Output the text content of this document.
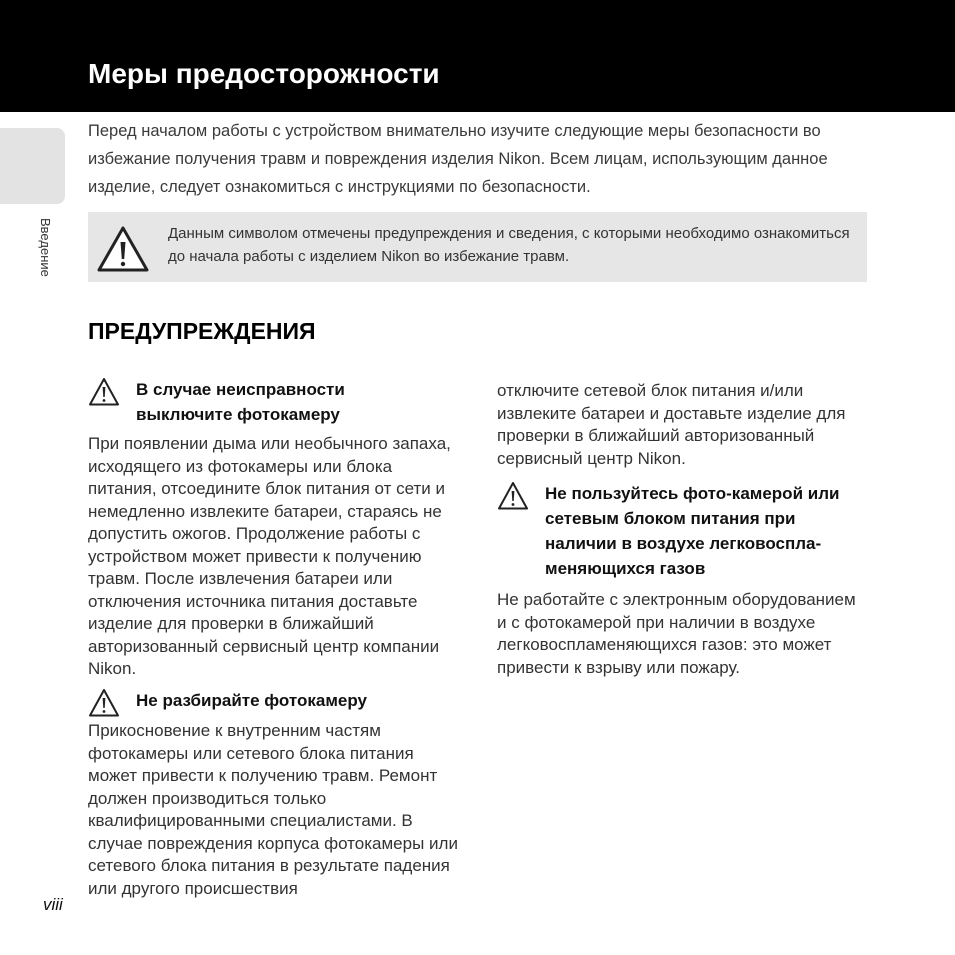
Меры предосторожности
Введение

Перед началом работы с устройством внимательно изучите следующие меры безопасности во избежание получения травм и повреждения изделия Nikon. Всем лицам, использующим данное изделие, следует ознакомиться с инструкциями по безопасности.

Данным символом отмечены предупреждения и сведения, с которыми необходимо ознакомиться до начала работы с изделием Nikon во избежание травм.

ПРЕДУПРЕЖДЕНИЯ

В случае неисправности выключите фотокамеру

При появлении дыма или необычного запаха, исходящего из фотокамеры или блока питания, отсоедините блок питания от сети и немедленно извлеките батареи, стараясь не допустить ожогов. Продолжение работы с устройством может привести к получению травм. После извлечения батареи или отключения источника питания доставьте изделие для проверки в ближайший авторизованный сервисный центр компании Nikon.

Не разбирайте фотокамеру

Прикосновение к внутренним частям фотокамеры или сетевого блока питания может привести к получению травм. Ремонт должен производиться только квалифицированными специалистами. В случае повреждения корпуса фотокамеры или сетевого блока питания в результате падения или другого происшествия

отключите сетевой блок питания и/или извлеките батареи и доставьте изделие для проверки в ближайший авторизованный сервисный центр Nikon.

Не пользуйтесь фото-камерой или сетевым блоком питания при наличии в воздухе легковоспла-меняющихся газов

Не работайте с электронным оборудованием и с фотокамерой при наличии в воздухе легковоспламеняющихся газов: это может привести к взрыву или пожару.

viii
